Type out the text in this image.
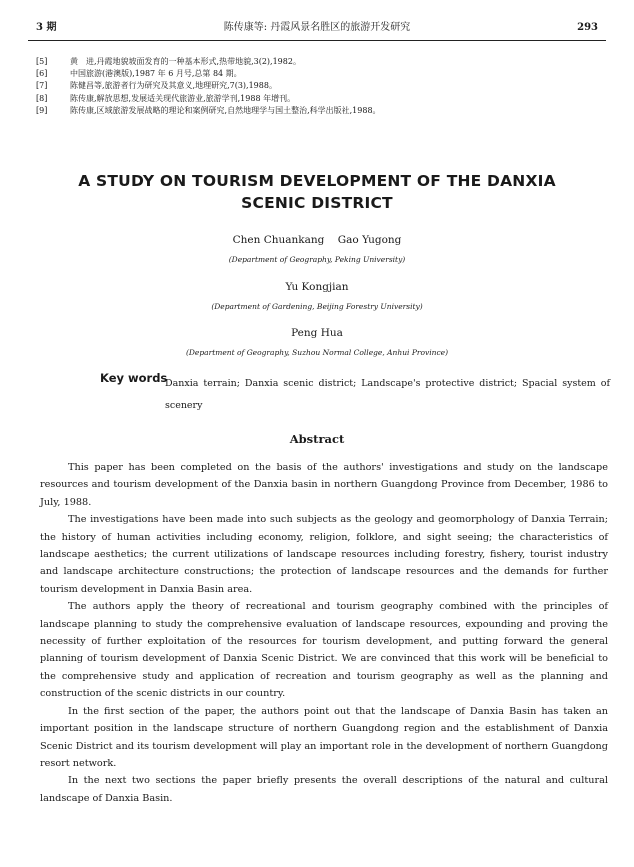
3 期	陈传康等: 丹霞风景名胜区的旅游开发研究	293
[5]	黄　进,丹霞地貌坡面发育的一种基本形式,热带地貌,3(2),1982。
[6]	中国旅游(港澳版),1987 年 6 月号,总第 84 期。
[7]	陈健昌等,旅游者行为研究及其意义,地理研究,7(3),1988。
[8]	陈传康,解放思想,发展适关现代旅游业,旅游学刊,1988 年增刊。
[9]	陈传康,区域旅游发展战略的理论和案例研究,自然地理学与国土整治,科学出版社,1988。
A STUDY ON TOURISM DEVELOPMENT OF THE DANXIA
SCENIC DISTRICT
Chen Chuankang    Gao Yugong
(Department of Geography, Peking University)
Yu Kongjian
(Department of Gardening, Beijing Forestry University)
Peng Hua
(Department of Geography, Suzhou Normal College, Anhui Province)
Key words
Danxia terrain; Danxia scenic district; Landscape's protective district; Spacial system of scenery
Abstract

This paper has been completed on the basis of the authors' investigations and study on the landscape resources and tourism development of the Danxia basin in northern Guangdong Province from December, 1986 to July, 1988.

The investigations have been made into such subjects as the geology and geomorphology of Danxia Terrain; the history of human activities including economy, religion, folklore, and sight seeing; the characteristics of landscape aesthetics; the current utilizations of landscape resources including forestry, fishery, tourist industry and landscape architecture constructions; the protection of landscape resources and the demands for further tourism development in Danxia Basin area.

The authors apply the theory of recreational and tourism geography combined with the principles of landscape planning to study the comprehensive evaluation of landscape resources, expounding and proving the necessity of further exploitation of the resources for tourism development, and putting forward the general planning of tourism development of Danxia Scenic District. We are convinced that this work will be beneficial to the comprehensive study and application of recreation and tourism geography as well as the planning and construction of the scenic districts in our country.

In the first section of the paper, the authors point out that the landscape of Danxia Basin has taken an important position in the landscape structure of northern Guangdong region and the establishment of Danxia Scenic District and its tourism development will play an important role in the development of northern Guangdong resort network.

In the next two sections the paper briefly presents the overall descriptions of the natural and cultural landscape of Danxia Basin.
